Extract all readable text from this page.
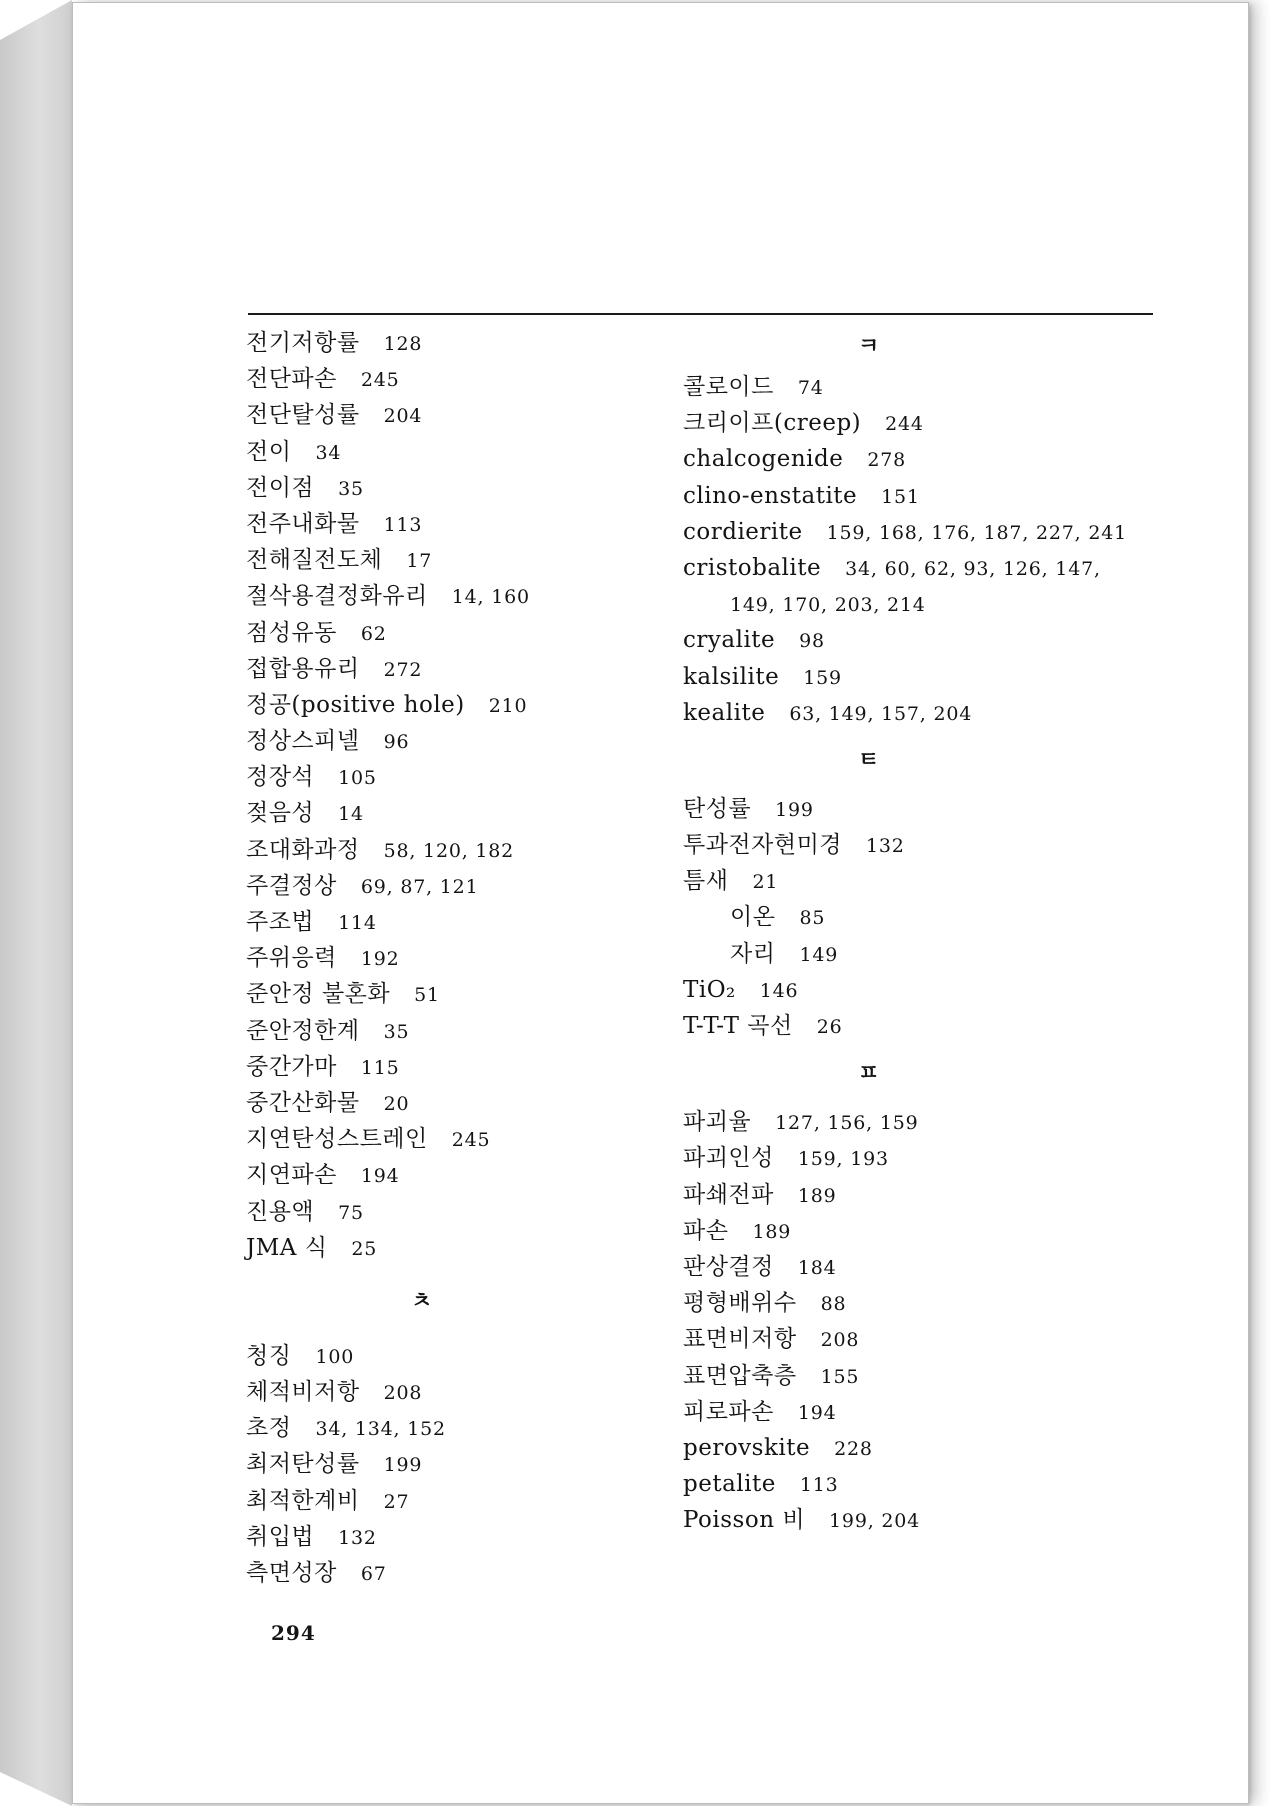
전기저항률 128
전단파손 245
전단탈성률 204
전이 34
전이점 35
전주내화물 113
전해질전도체 17
절삭용결정화유리 14, 160
점성유동 62
접합용유리 272
정공(positive hole) 210
정상스피넬 96
정장석 105
젖음성 14
조대화과정 58, 120, 182
주결정상 69, 87, 121
주조법 114
주위응력 192
준안정 불혼화 51
준안정한계 35
중간가마 115
중간산화물 20
지연탄성스트레인 245
지연파손 194
진용액 75
JMA 식 25
ㅊ
청징 100
체적비저항 208
초정 34, 134, 152
최저탄성률 199
최적한계비 27
취입법 132
측면성장 67
ㅋ
콜로이드 74
크리이프(creep) 244
chalcogenide 278
clino-enstatite 151
cordierite 159, 168, 176, 187, 227, 241
cristobalite 34, 60, 62, 93, 126, 147,
149, 170, 203, 214
cryalite 98
kalsilite 159
kealite 63, 149, 157, 204
ㅌ
탄성률 199
투과전자현미경 132
틈새 21
이온 85
자리 149
TiO₂ 146
T-T-T 곡선 26
ㅍ
파괴율 127, 156, 159
파괴인성 159, 193
파쇄전파 189
파손 189
판상결정 184
평형배위수 88
표면비저항 208
표면압축층 155
피로파손 194
perovskite 228
petalite 113
Poisson 비 199, 204
294
